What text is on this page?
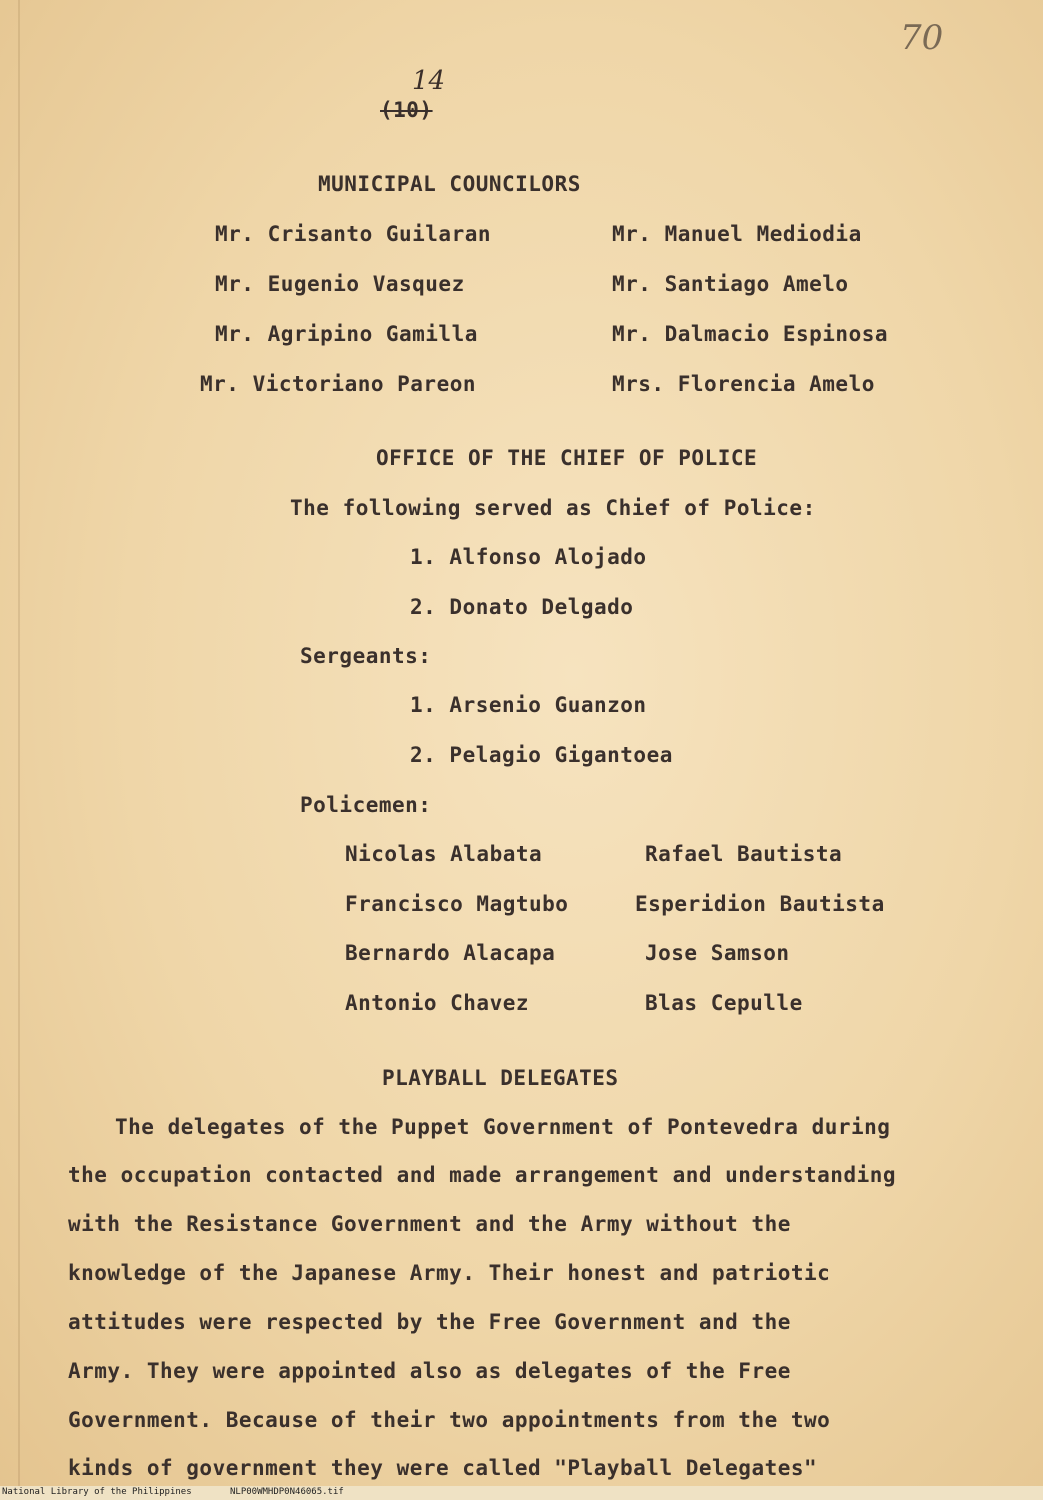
70
14
(10)
MUNICIPAL COUNCILORS
Mr. Crisanto Guilaran
Mr. Eugenio Vasquez
Mr. Agripino Gamilla
Mr. Victoriano Pareon
Mr. Manuel Mediodia
Mr. Santiago Amelo
Mr. Dalmacio Espinosa
Mrs. Florencia Amelo
OFFICE OF THE CHIEF OF POLICE
The following served as Chief of Police:
1. Alfonso Alojado
2. Donato Delgado
Sergeants:
1. Arsenio Guanzon
2. Pelagio Gigantoea
Policemen:
Nicolas Alabata
Francisco Magtubo
Bernardo Alacapa
Antonio Chavez
Rafael Bautista
Esperidion Bautista
Jose Samson
Blas Cepulle
PLAYBALL DELEGATES
The delegates of the Puppet Government of Pontevedra during
the occupation contacted and made arrangement and understanding
with the Resistance Government and the Army without the
knowledge of the Japanese Army. Their honest and patriotic
attitudes were respected by the Free Government and the
Army. They were appointed also as delegates of the Free
Government. Because of their two appointments from the two
kinds of government they were called "Playball Delegates"
National Library of the Philippines	NLP00WMHDP0N46065.tif
